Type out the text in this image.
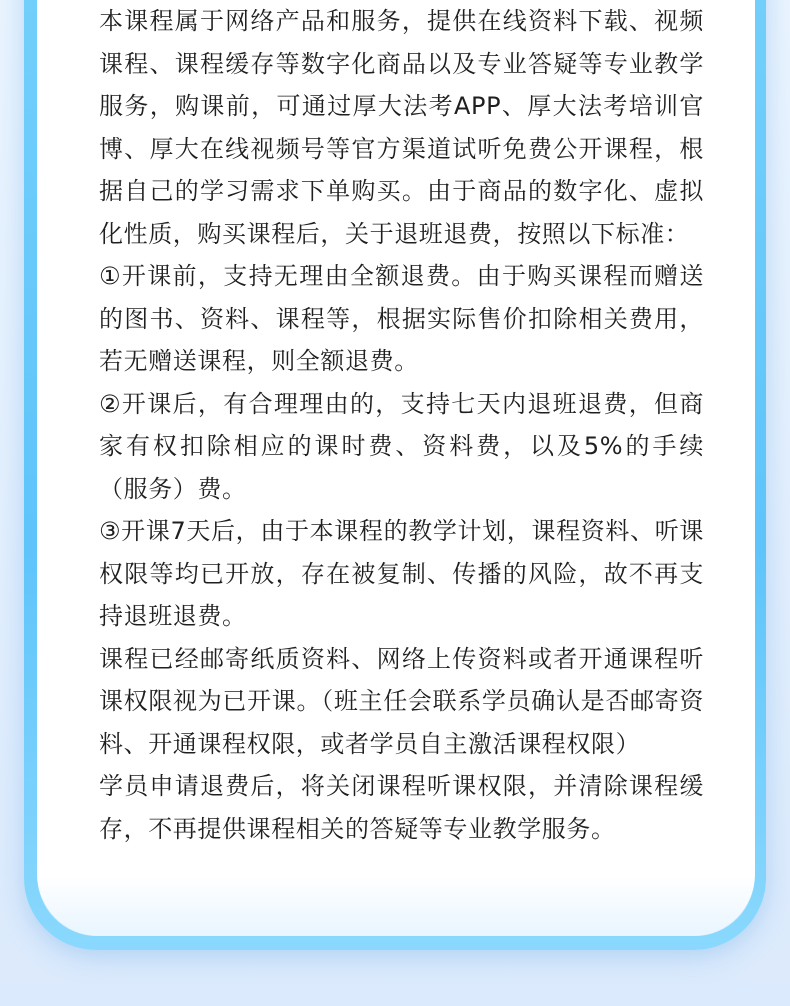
本课程属于网络产品和服务，提供在线资料下载、视频课程、课程缓存等数字化商品以及专业答疑等专业教学服务，购课前，可通过厚大法考APP、厚大法考培训官博、厚大在线视频号等官方渠道试听免费公开课程，根据自己的学习需求下单购买。由于商品的数字化、虚拟化性质，购买课程后，关于退班退费，按照以下标准：

①开课前，支持无理由全额退费。由于购买课程而赠送的图书、资料、课程等，根据实际售价扣除相关费用，若无赠送课程，则全额退费。

②开课后，有合理理由的，支持七天内退班退费，但商家有权扣除相应的课时费、资料费，以及5%的手续（服务）费。

③开课7天后，由于本课程的教学计划，课程资料、听课权限等均已开放，存在被复制、传播的风险，故不再支持退班退费。

课程已经邮寄纸质资料、网络上传资料或者开通课程听课权限视为已开课。（班主任会联系学员确认是否邮寄资料、开通课程权限，或者学员自主激活课程权限）

学员申请退费后，将关闭课程听课权限，并清除课程缓存，不再提供课程相关的答疑等专业教学服务。
